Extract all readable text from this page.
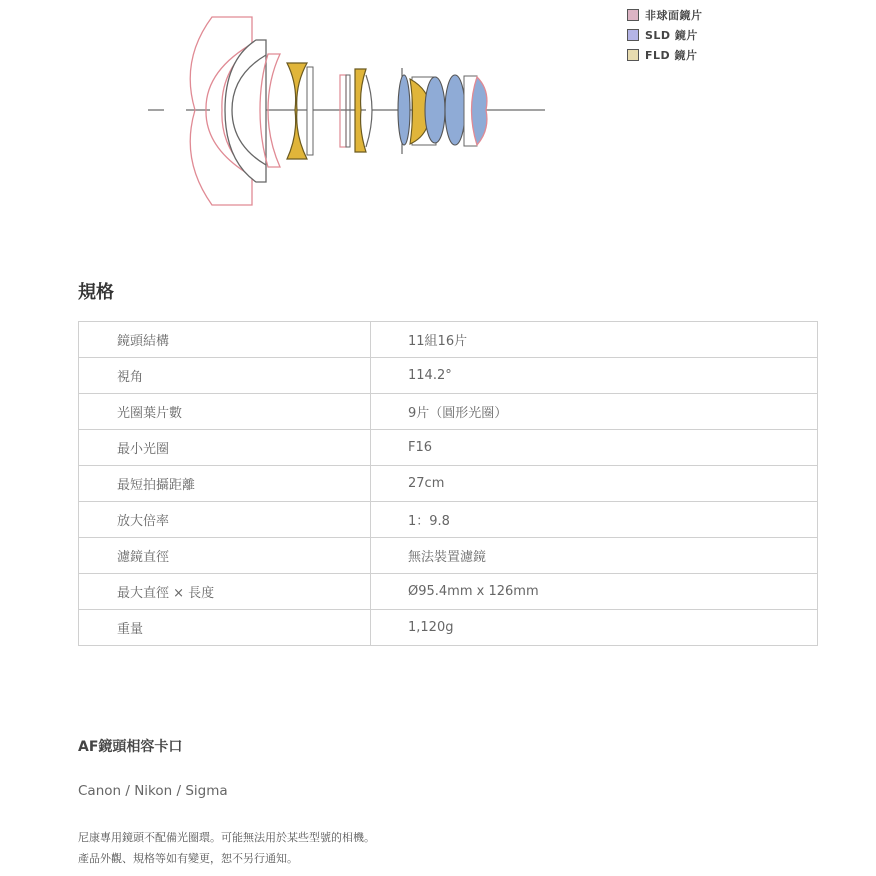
非球面鏡片
SLD 鏡片
FLD 鏡片
規格
鏡頭結構	11組16片
視角	114.2°
光圈葉片數	9片（圓形光圈）
最小光圈	F16
最短拍攝距離	27cm
放大倍率	1：9.8
濾鏡直徑	無法裝置濾鏡
最大直徑 × 長度	Ø95.4mm x 126mm
重量	1,120g
AF鏡頭相容卡口
Canon / Nikon / Sigma
尼康專用鏡頭不配備光圈環。可能無法用於某些型號的相機。
產品外觀、規格等如有變更，恕不另行通知。
